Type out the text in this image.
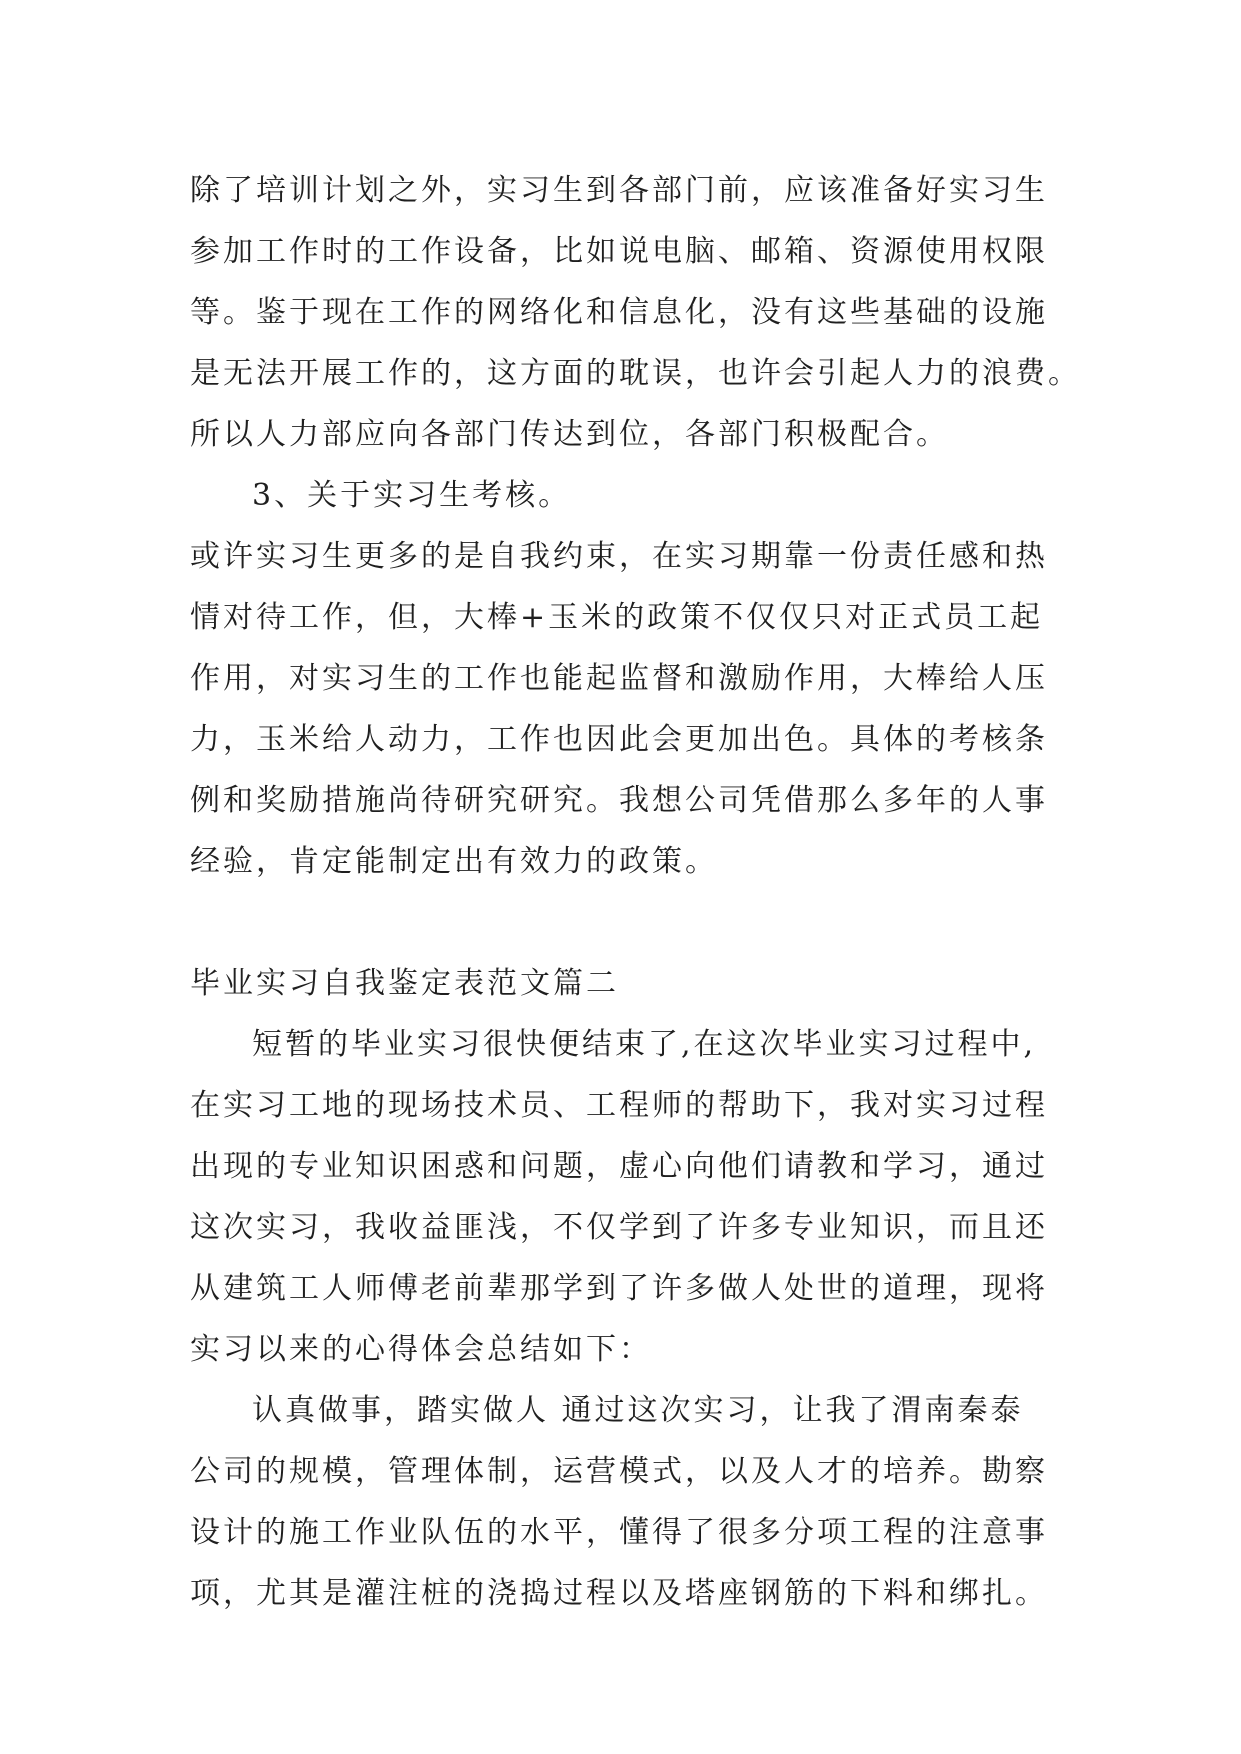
除了培训计划之外，实习生到各部门前，应该准备好实习生
参加工作时的工作设备，比如说电脑、邮箱、资源使用权限
等。鉴于现在工作的网络化和信息化，没有这些基础的设施
是无法开展工作的，这方面的耽误，也许会引起人力的浪费。
所以人力部应向各部门传达到位，各部门积极配合。
3、关于实习生考核。
或许实习生更多的是自我约束，在实习期靠一份责任感和热
情对待工作，但，大棒+玉米的政策不仅仅只对正式员工起
作用，对实习生的工作也能起监督和激励作用，大棒给人压
力，玉米给人动力，工作也因此会更加出色。具体的考核条
例和奖励措施尚待研究研究。我想公司凭借那么多年的人事
经验，肯定能制定出有效力的政策。
毕业实习自我鉴定表范文篇二
短暂的毕业实习很快便结束了,在这次毕业实习过程中,
在实习工地的现场技术员、工程师的帮助下，我对实习过程
出现的专业知识困惑和问题，虚心向他们请教和学习，通过
这次实习，我收益匪浅，不仅学到了许多专业知识，而且还
从建筑工人师傅老前辈那学到了许多做人处世的道理，现将
实习以来的心得体会总结如下：
认真做事，踏实做人 通过这次实习，让我了渭南秦泰
公司的规模，管理体制，运营模式，以及人才的培养。勘察
设计的施工作业队伍的水平，懂得了很多分项工程的注意事
项，尤其是灌注桩的浇捣过程以及塔座钢筋的下料和绑扎。
